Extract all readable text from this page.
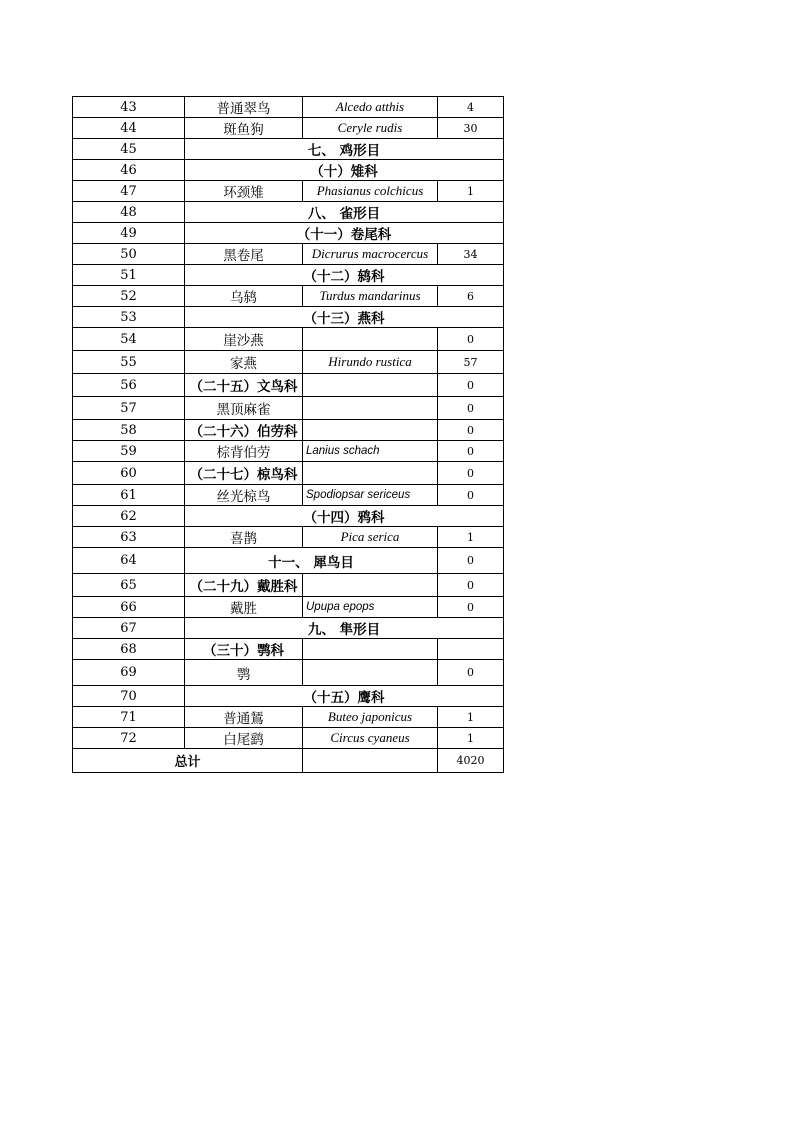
43	普通翠鸟	Alcedo atthis	4
44	斑鱼狗	Ceryle rudis	30
45	七、 鸡形目		
46	（十）雉科		
47	环颈雉	Phasianus colchicus	1
48	八、 雀形目		
49	（十一）卷尾科		
50	黑卷尾	Dicrurus macrocercus	34
51	（十二）鸫科		
52	乌鸫	Turdus mandarinus	6
53	（十三）燕科		
54	崖沙燕		0
55	家燕	Hirundo rustica	57
56	（二十五）文鸟科		0
57	黑顶麻雀		0
58	（二十六）伯劳科		0
59	棕背伯劳	Lanius schach	0
60	（二十七）椋鸟科		0
61	丝光椋鸟	Spodiopsar sericeus	0
62	（十四）鸦科		
63	喜鹊	Pica serica	1
64	十一、 犀鸟目		0
65	（二十九）戴胜科		0
66	戴胜	Upupa epops	0
67	九、 隼形目		
68	（三十）鹗科		
69	鹗		0
70	（十五）鹰科		
71	普通鵟	Buteo japonicus	1
72	白尾鹞	Circus cyaneus	1
总计			4020
